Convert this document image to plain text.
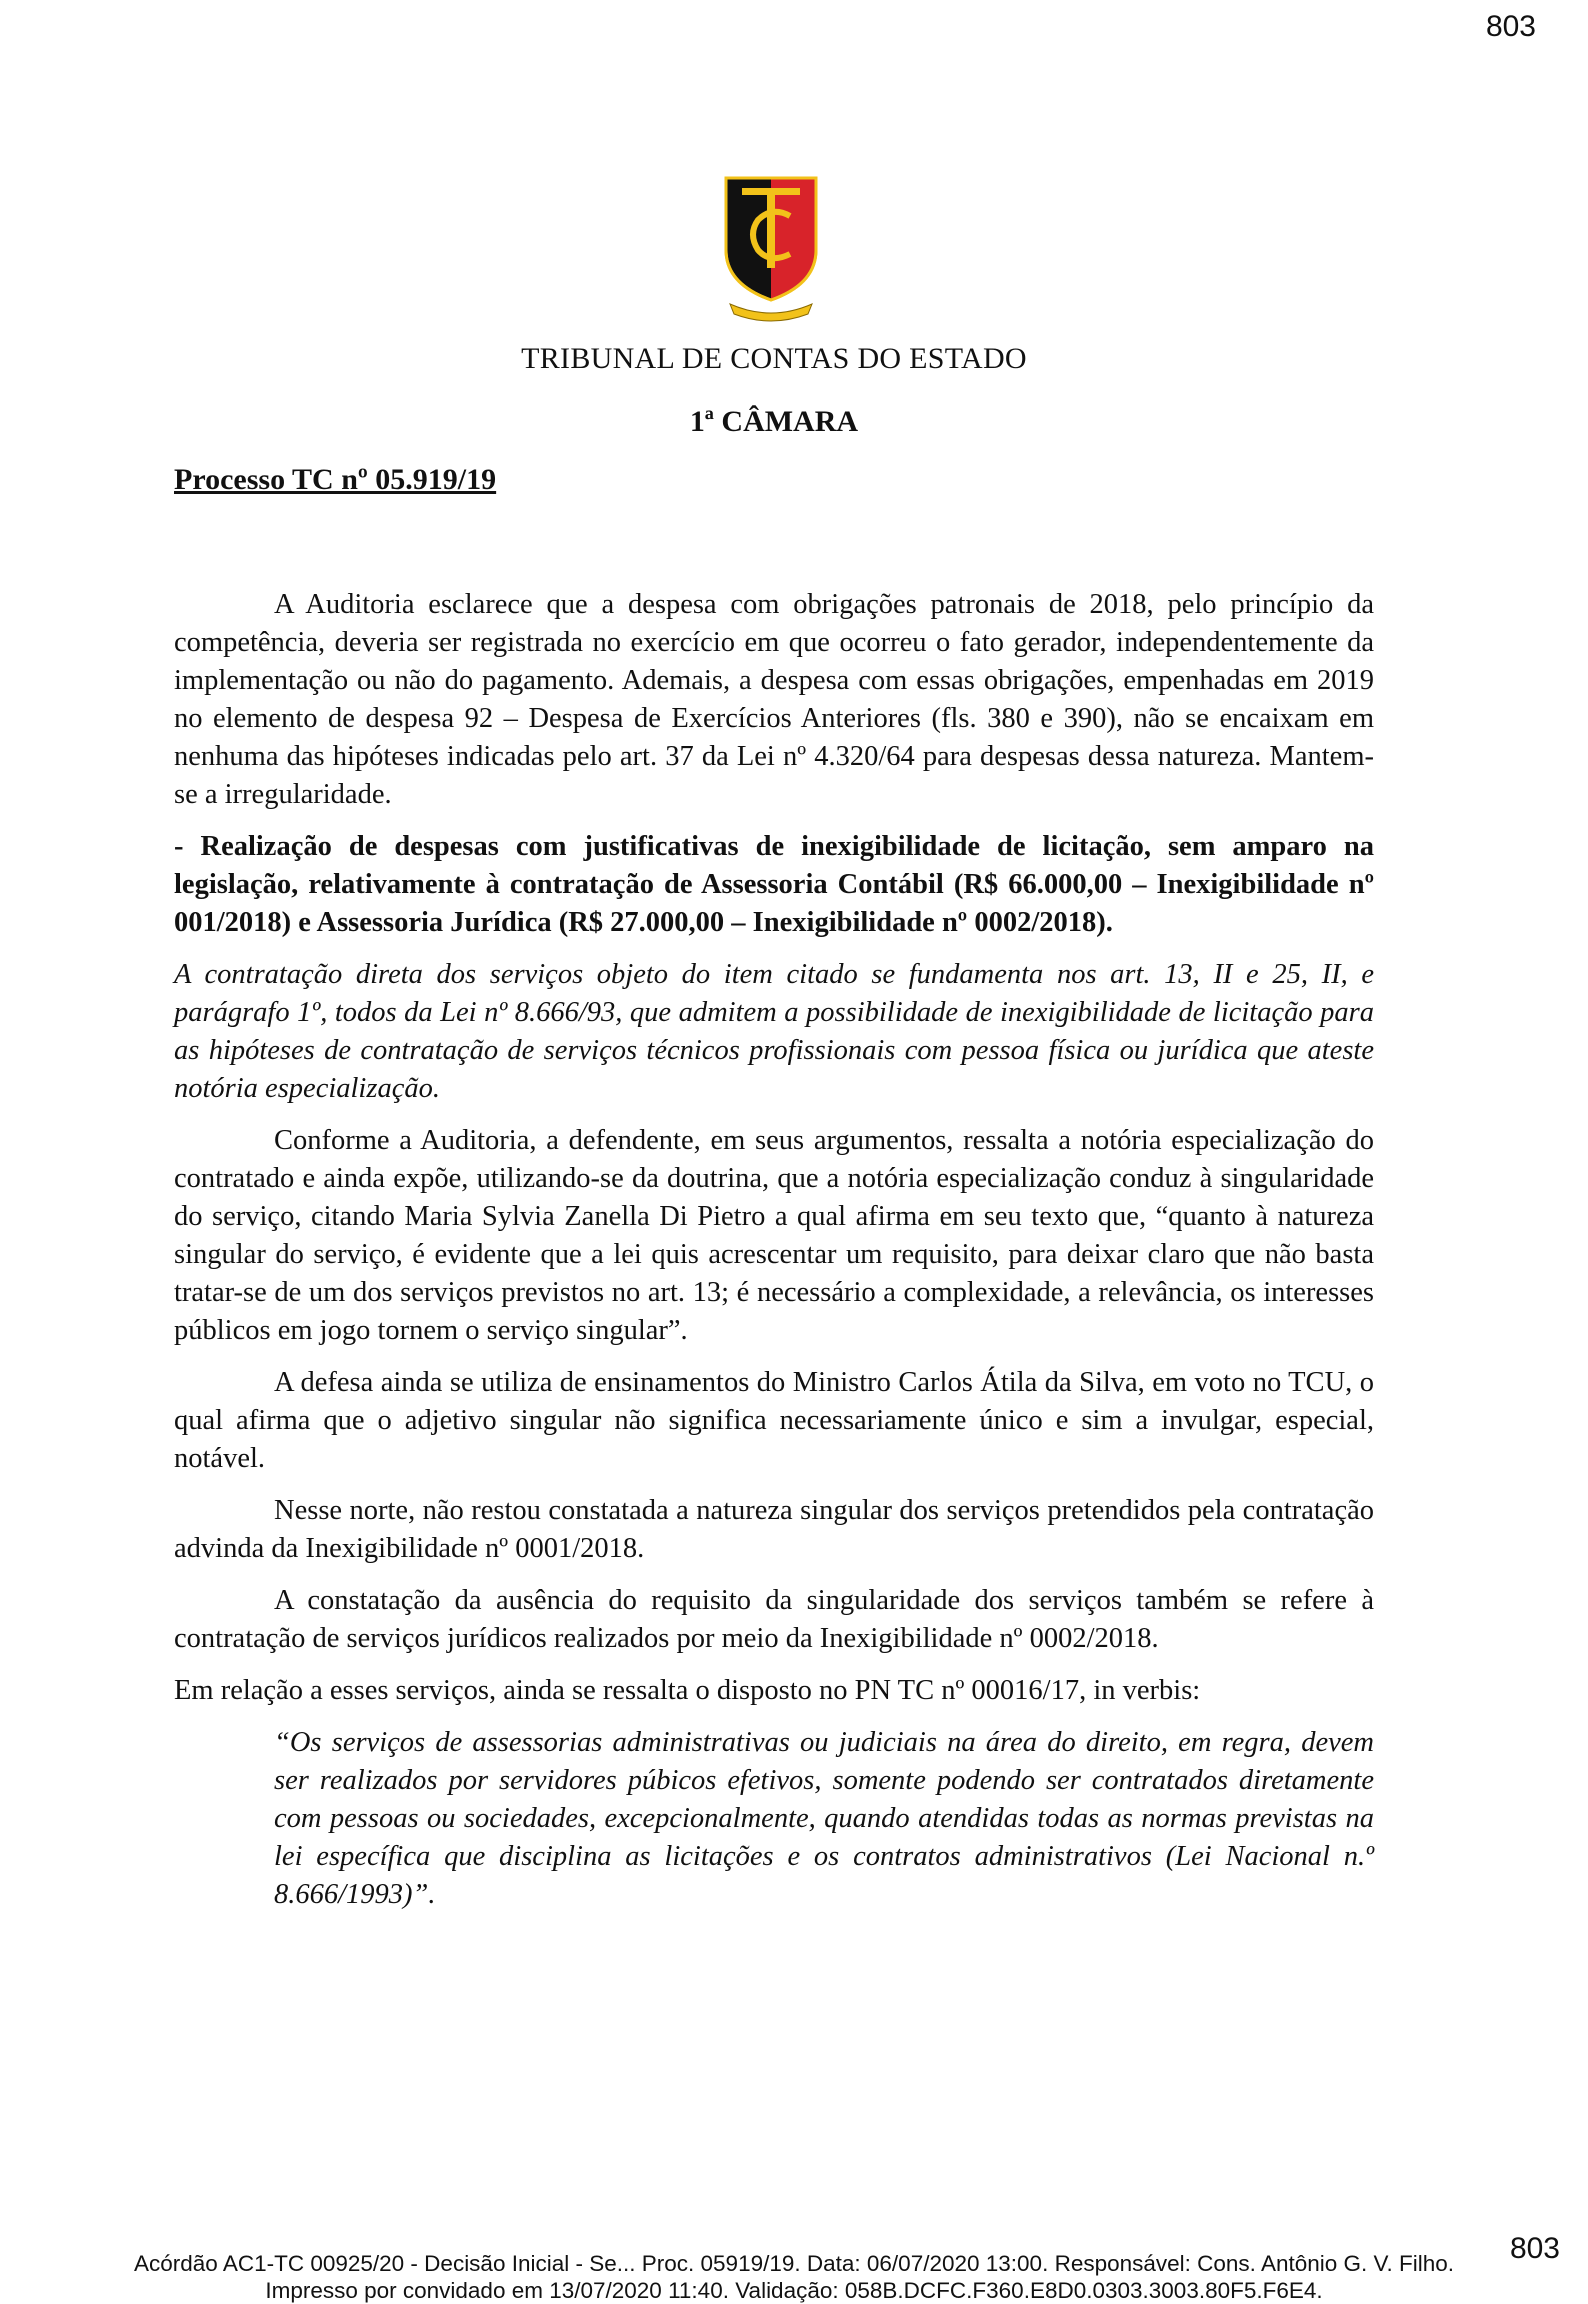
803
TRIBUNAL DE CONTAS DO ESTADO
1ª CÂMARA
Processo TC nº 05.919/19

A Auditoria esclarece que a despesa com obrigações patronais de 2018, pelo princípio da competência, deveria ser registrada no exercício em que ocorreu o fato gerador, independentemente da implementação ou não do pagamento. Ademais, a despesa com essas obrigações, empenhadas em 2019 no elemento de despesa 92 – Despesa de Exercícios Anteriores (fls. 380 e 390), não se encaixam em nenhuma das hipóteses indicadas pelo art. 37 da Lei nº 4.320/64 para despesas dessa natureza. Mantem-se a irregularidade.

- Realização de despesas com justificativas de inexigibilidade de licitação, sem amparo na legislação, relativamente à contratação de Assessoria Contábil (R$ 66.000,00 – Inexigibilidade nº 001/2018) e Assessoria Jurídica (R$ 27.000,00 – Inexigibilidade nº 0002/2018).

A contratação direta dos serviços objeto do item citado se fundamenta nos art. 13, II e 25, II, e parágrafo 1º, todos da Lei nº 8.666/93, que admitem a possibilidade de inexigibilidade de licitação para as hipóteses de contratação de serviços técnicos profissionais com pessoa física ou jurídica que ateste notória especialização.

Conforme a Auditoria, a defendente, em seus argumentos, ressalta a notória especialização do contratado e ainda expõe, utilizando-se da doutrina, que a notória especialização conduz à singularidade do serviço, citando Maria Sylvia Zanella Di Pietro a qual afirma em seu texto que, “quanto à natureza singular do serviço, é evidente que a lei quis acrescentar um requisito, para deixar claro que não basta tratar-se de um dos serviços previstos no art. 13; é necessário a complexidade, a relevância, os interesses públicos em jogo tornem o serviço singular”.

A defesa ainda se utiliza de ensinamentos do Ministro Carlos Átila da Silva, em voto no TCU, o qual afirma que o adjetivo singular não significa necessariamente único e sim a invulgar, especial, notável.

Nesse norte, não restou constatada a natureza singular dos serviços pretendidos pela contratação advinda da Inexigibilidade nº 0001/2018.

A constatação da ausência do requisito da singularidade dos serviços também se refere à contratação de serviços jurídicos realizados por meio da Inexigibilidade nº 0002/2018.

Em relação a esses serviços, ainda se ressalta o disposto no PN TC nº 00016/17, in verbis:

“Os serviços de assessorias administrativas ou judiciais na área do direito, em regra, devem ser realizados por servidores púbicos efetivos, somente podendo ser contratados diretamente com pessoas ou sociedades, excepcionalmente, quando atendidas todas as normas previstas na lei específica que disciplina as licitações e os contratos administrativos (Lei Nacional n.º 8.666/1993)”.

803
Acórdão AC1-TC 00925/20 - Decisão Inicial - Se... Proc. 05919/19. Data: 06/07/2020 13:00. Responsável: Cons. Antônio G. V. Filho.
Impresso por convidado em 13/07/2020 11:40. Validação: 058B.DCFC.F360.E8D0.0303.3003.80F5.F6E4.
